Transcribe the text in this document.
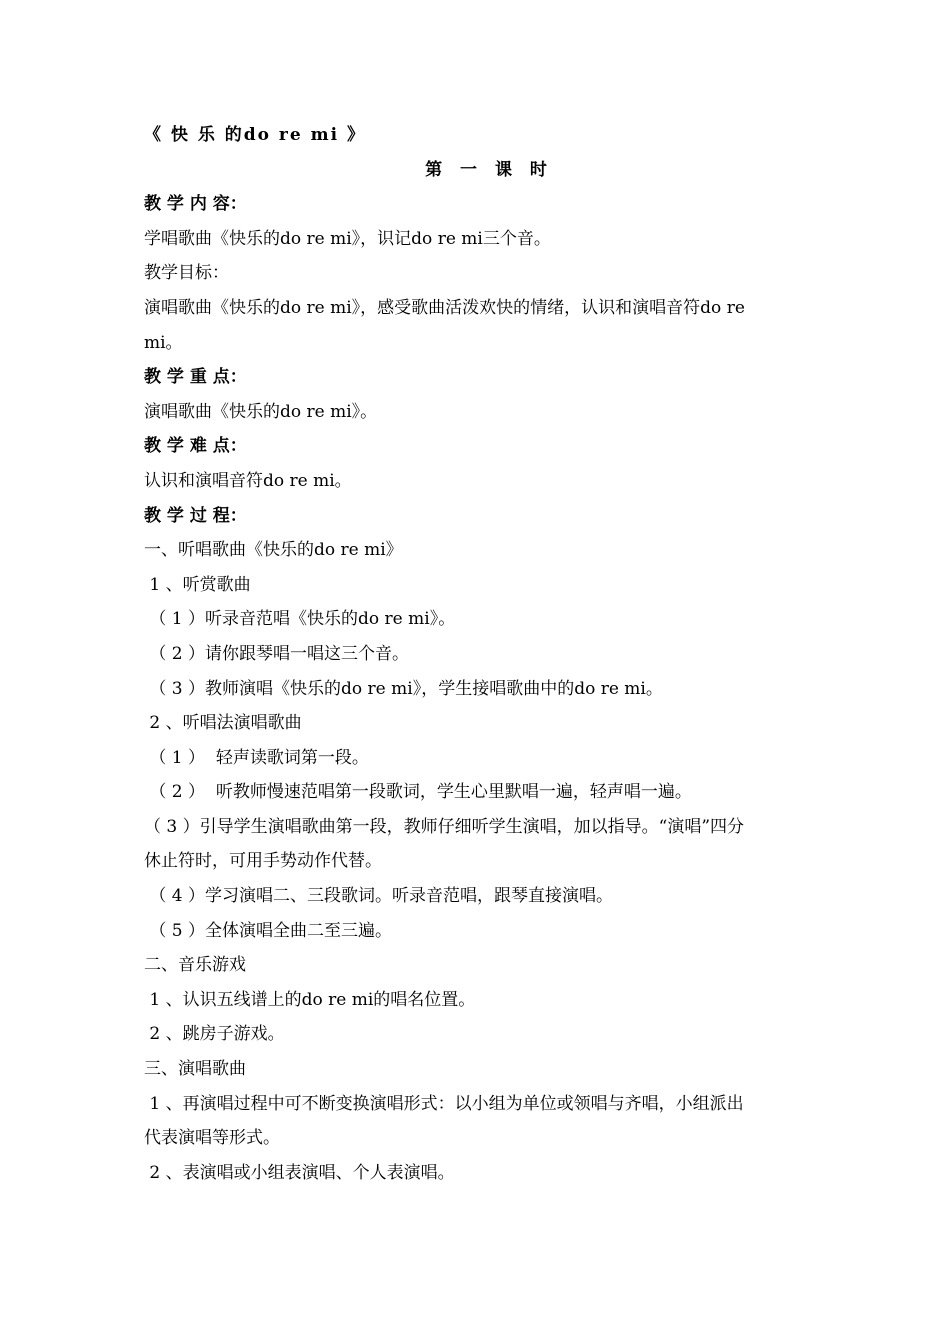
《 快 乐 的do re mi 》
第 一 课 时
教 学 内 容：
学唱歌曲《快乐的do re mi》，识记do re mi三个音。
教学目标：
演唱歌曲《快乐的do re mi》，感受歌曲活泼欢快的情绪，认识和演唱音符do re
mi。
教 学 重 点：
演唱歌曲《快乐的do re mi》。
教 学 难 点：
认识和演唱音符do re mi。
教 学 过 程：
一、听唱歌曲《快乐的do re mi》
1 、听赏歌曲
（ 1 ）听录音范唱《快乐的do re mi》。
（ 2 ）请你跟琴唱一唱这三个音。
（ 3 ）教师演唱《快乐的do re mi》，学生接唱歌曲中的do re mi。
2 、听唱法演唱歌曲
（ 1 ）  轻声读歌词第一段。
（ 2 ）  听教师慢速范唱第一段歌词，学生心里默唱一遍，轻声唱一遍。
（ 3 ）引导学生演唱歌曲第一段，教师仔细听学生演唱，加以指导。“演唱”四分
休止符时，可用手势动作代替。
（ 4 ）学习演唱二、三段歌词。听录音范唱，跟琴直接演唱。
（ 5 ）全体演唱全曲二至三遍。
二、音乐游戏
1 、认识五线谱上的do re mi的唱名位置。
2 、跳房子游戏。
三、演唱歌曲
1 、再演唱过程中可不断变换演唱形式：以小组为单位或领唱与齐唱，小组派出
代表演唱等形式。
2 、表演唱或小组表演唱、个人表演唱。
